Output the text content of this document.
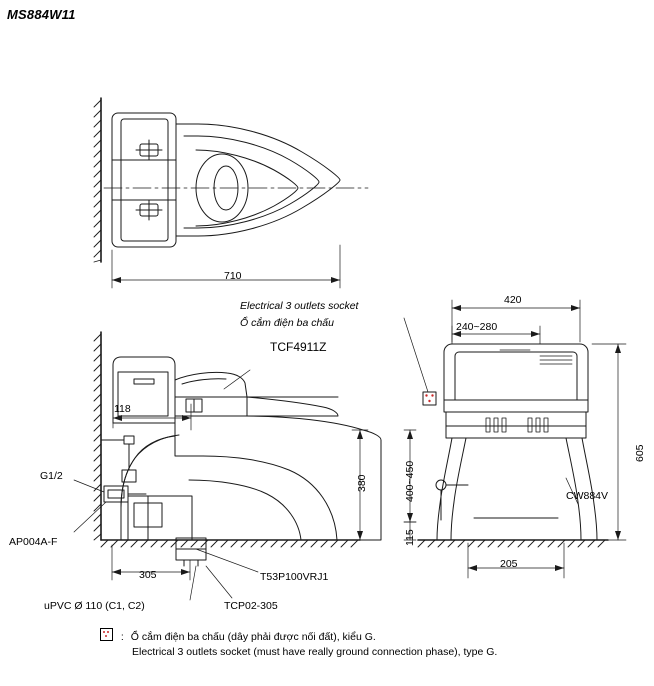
MS884W11
710
Electrical 3 outlets socket
Ổ cắm điện ba chấu
TCF4911Z
118
G1/2
AP004A-F
305
uPVC Ø 110 (C1, C2)	TCP02-305
T53P100VRJ1
380
420
240~280
605
400~450
115
205
CW884V
: Ổ cắm điện ba chấu (dây phải được nối đất), kiểu G.
Electrical 3 outlets socket (must have really ground connection phase), type G.
